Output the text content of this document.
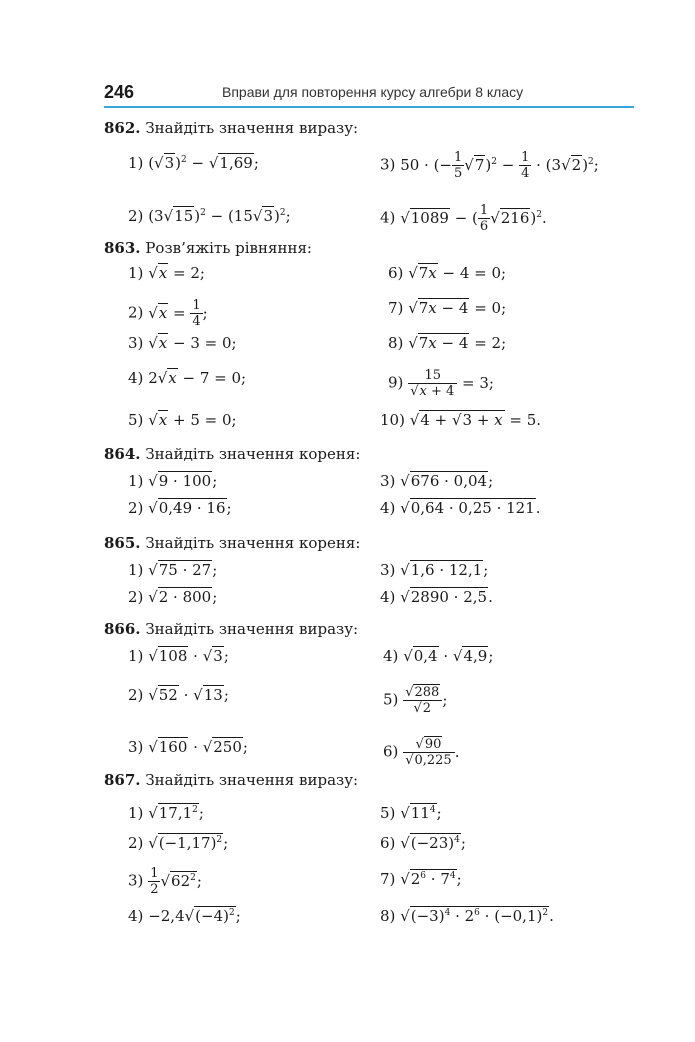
246	Вправи для повторення курсу алгебри 8 класу
862. Знайдіть значення виразу:
1) $(√3)^2 - √1,69$;	3) 50 · (− $\frac{1}{5} √7)^2 - \frac{1}{4} \cdot (3√2)^2$;
2) $(3√15)^2 - (15√3)^2$;	4) √1089 − ( $\frac{1}{6} √216)^2$.
863. Розв’яжіть рівняння:
1) √x = 2;	6) √7x − 4 = 0;
2) $√x = \frac{1}{4}$ ;	7) √7x − 4 = 0;
3) √x − 3 = 0;	8) √7x − 4 = 2;
4) 2√x − 7 = 0;	$9) \frac{15}{√x + 4} = 3$;
5) √x + 5 = 0;	10) √4 + √3 + x = 5.
864. Знайдіть значення кореня:
1) √9 · 100;	3) √676 · 0,04;
2) √0,49 · 16;	4) √0,64 · 0,25 · 121.
865. Знайдіть значення кореня:
1) √75 · 27;	3) √1,6 · 12,1;
2) √2 · 800;	4) √2890 · 2,5.
866. Знайдіть значення виразу:
1) √108 · √3;	4) √0,4 · √4,9;
2) √52 · √13;	$5) \frac{√288}{√2}$ ;
3) √160 · √250;	$6) \frac{√90}{√0,225}$ .
867. Знайдіть значення виразу:
1) √17,1$^2$;	5) $√11^4$;
2) $√(-1,17)^2$;	6) $√(-23)^4$;
$3) \frac{1}{2} √62^2$;	7) $√2^6 \cdot 7^4$;
$4) -2,4√(-4)^2$;	8) $√(-3)^4 \cdot 2^6 \cdot (-0,1)^2$.
